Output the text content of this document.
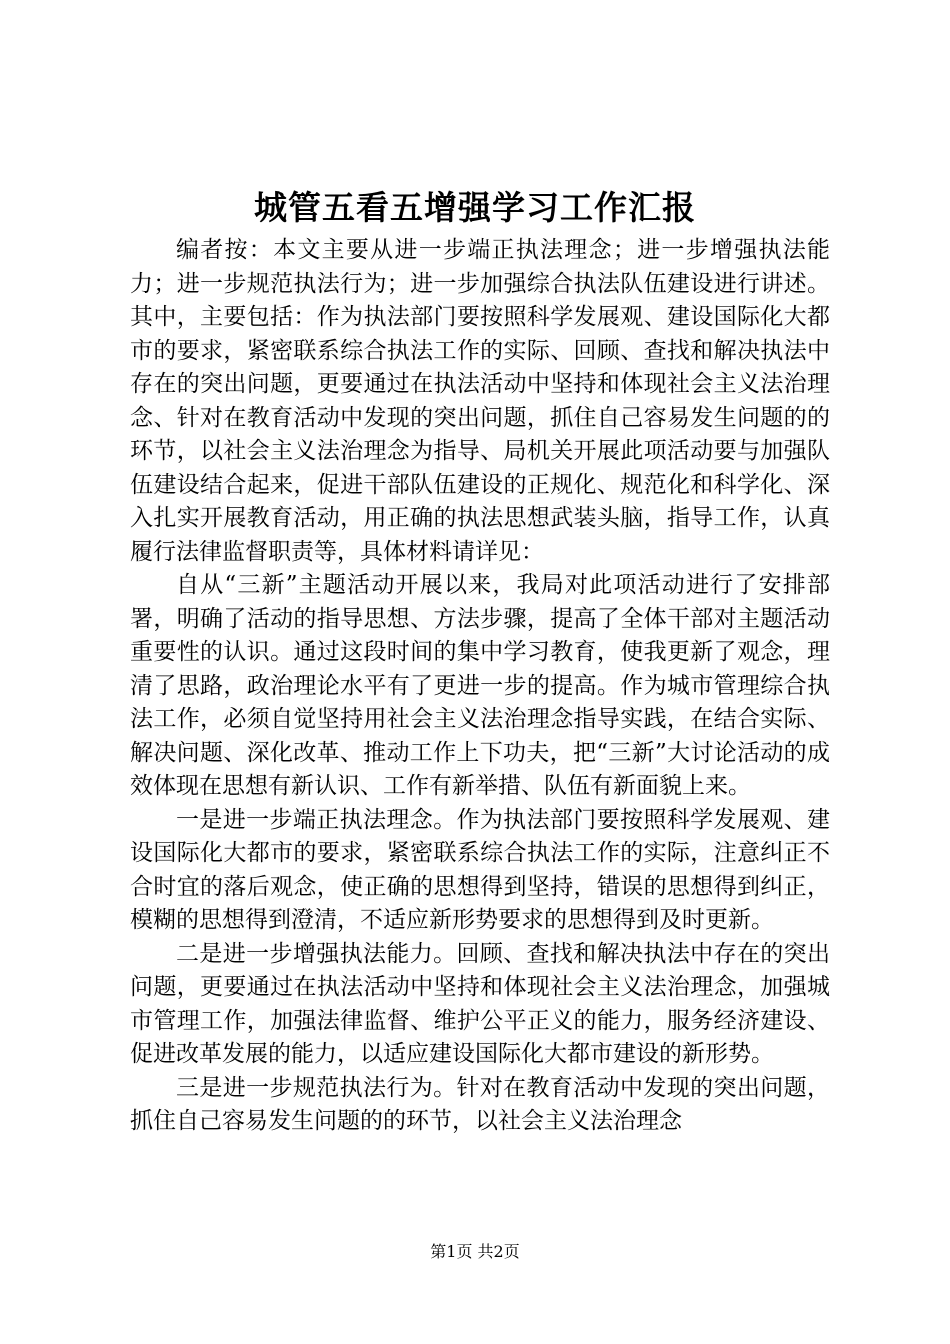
城管五看五增强学习工作汇报

编者按：本文主要从进一步端正执法理念；进一步增强执法能力；进一步规范执法行为；进一步加强综合执法队伍建设进行讲述。其中，主要包括：作为执法部门要按照科学发展观、建设国际化大都市的要求，紧密联系综合执法工作的实际、回顾、查找和解决执法中存在的突出问题，更要通过在执法活动中坚持和体现社会主义法治理念、针对在教育活动中发现的突出问题，抓住自己容易发生问题的的环节，以社会主义法治理念为指导、局机关开展此项活动要与加强队伍建设结合起来，促进干部队伍建设的正规化、规范化和科学化、深入扎实开展教育活动，用正确的执法思想武装头脑，指导工作，认真履行法律监督职责等，具体材料请详见：

自从“三新”主题活动开展以来，我局对此项活动进行了安排部署，明确了活动的指导思想、方法步骤，提高了全体干部对主题活动重要性的认识。通过这段时间的集中学习教育，使我更新了观念，理清了思路，政治理论水平有了更进一步的提高。作为城市管理综合执法工作，必须自觉坚持用社会主义法治理念指导实践，在结合实际、解决问题、深化改革、推动工作上下功夫，把“三新”大讨论活动的成效体现在思想有新认识、工作有新举措、队伍有新面貌上来。

一是进一步端正执法理念。作为执法部门要按照科学发展观、建设国际化大都市的要求，紧密联系综合执法工作的实际，注意纠正不合时宜的落后观念，使正确的思想得到坚持，错误的思想得到纠正，模糊的思想得到澄清，不适应新形势要求的思想得到及时更新。

二是进一步增强执法能力。回顾、查找和解决执法中存在的突出问题，更要通过在执法活动中坚持和体现社会主义法治理念，加强城市管理工作，加强法律监督、维护公平正义的能力，服务经济建设、促进改革发展的能力，以适应建设国际化大都市建设的新形势。

三是进一步规范执法行为。针对在教育活动中发现的突出问题，抓住自己容易发生问题的的环节，以社会主义法治理念

第1页 共2页
